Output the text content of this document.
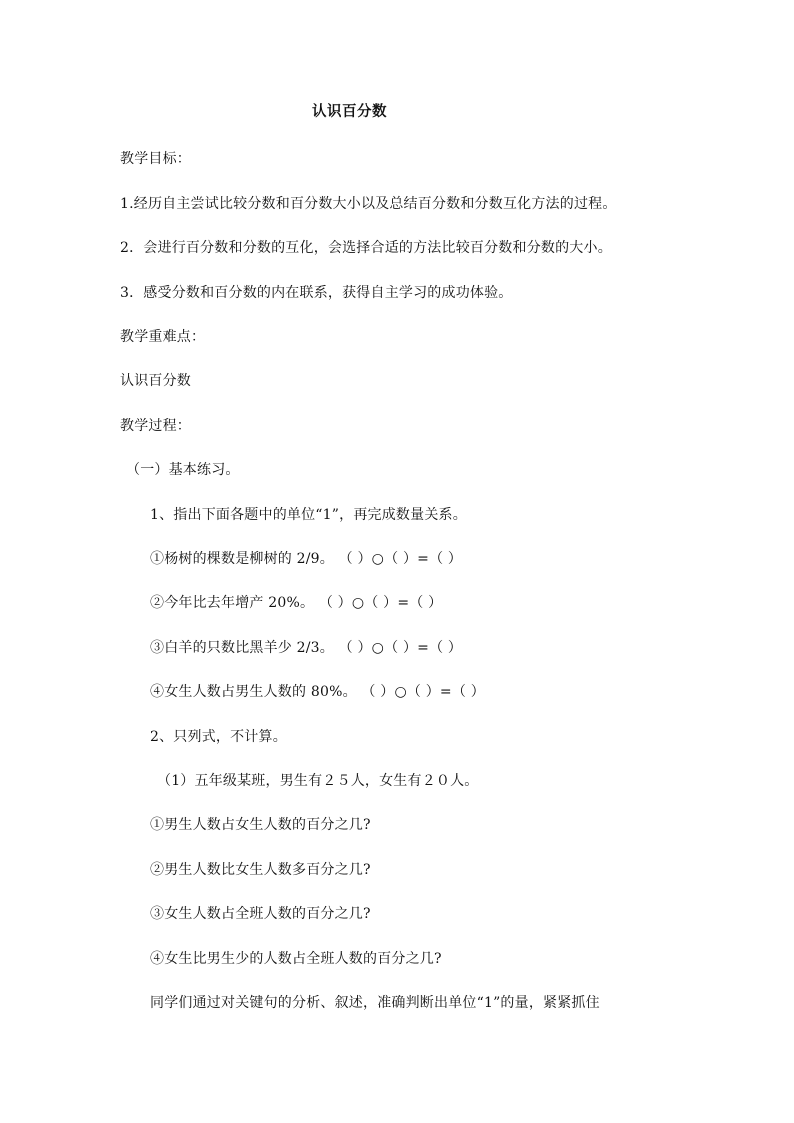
认识百分数
教学目标：
1.经历自主尝试比较分数和百分数大小以及总结百分数和分数互化方法的过程。
2．会进行百分数和分数的互化，会选择合适的方法比较百分数和分数的大小。
3．感受分数和百分数的内在联系，获得自主学习的成功体验。
教学重难点：
认识百分数
教学过程：
（一）基本练习。
1、指出下面各题中的单位“1”，再完成数量关系。
①杨树的棵数是柳树的 2/9。 （ ）○（ ）=（ ）
②今年比去年增产 20%。 （ ）○（ ）=（ ）
③白羊的只数比黑羊少 2/3。 （ ）○（ ）=（ ）
④女生人数占男生人数的 80%。 （ ）○（ ）=（ ）
2、只列式，不计算。
（1）五年级某班，男生有２５人，女生有２０人。
①男生人数占女生人数的百分之几?
②男生人数比女生人数多百分之几?
③女生人数占全班人数的百分之几?
④女生比男生少的人数占全班人数的百分之几?
同学们通过对关键句的分析、叙述，准确判断出单位“1”的量，紧紧抓住
